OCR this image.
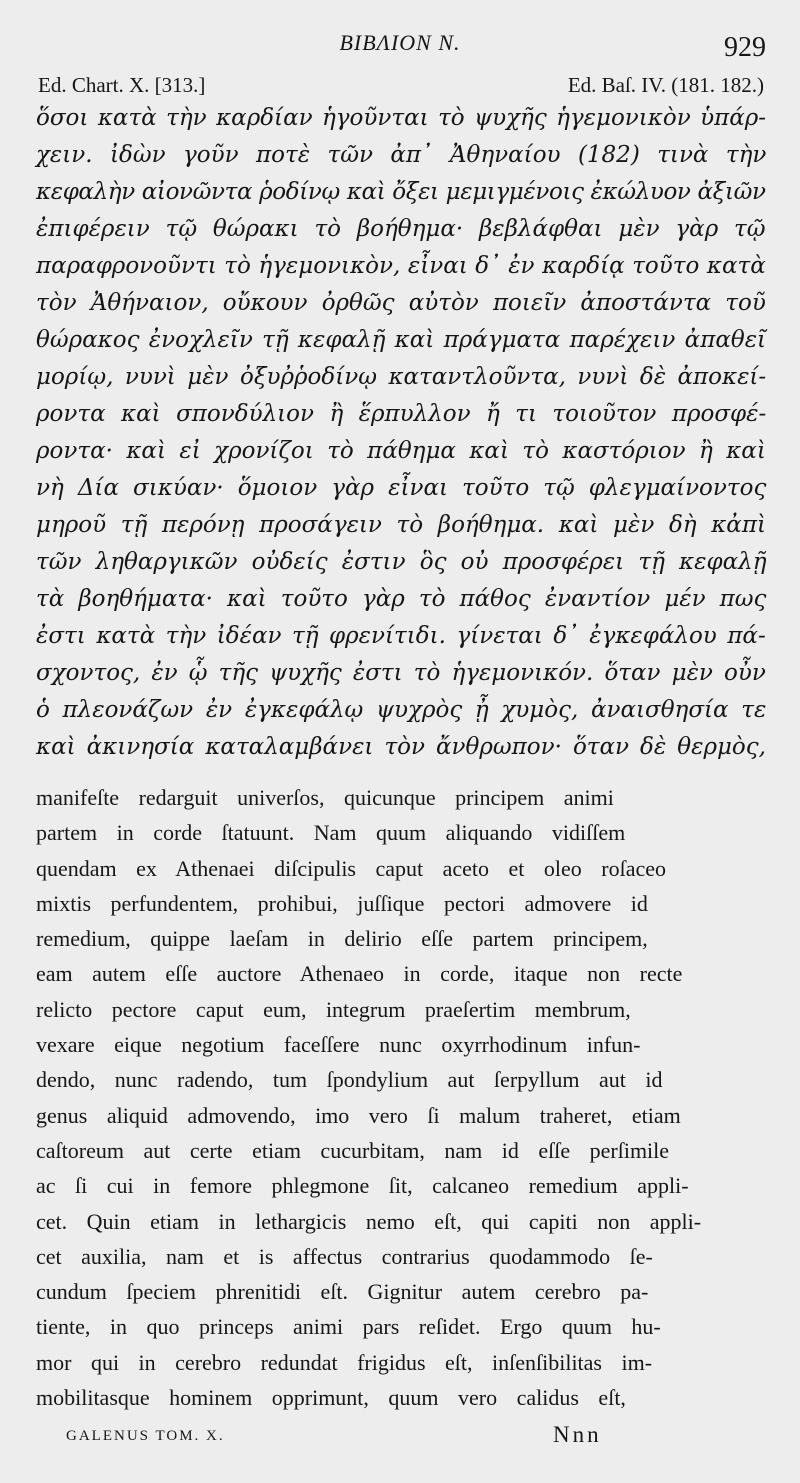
BIBΛΙΟΝ Ν.	929
Ed. Chart. X. [313.]	Ed. Baſ. IV. (181. 182.)
ὅσοι κατὰ τὴν καρδίαν ἡγοῦνται τὸ ψυχῆς ἡγεμονικὸν ὑπάρ-
χειν. ἰδὼν γοῦν ποτὲ τῶν ἀπ᾽ Ἀθηναίου (182) τινὰ τὴν
κεφαλὴν αἰονῶντα ῥοδίνῳ καὶ ὄξει μεμιγμένοις ἐκώλυον ἀξιῶν
ἐπιφέρειν τῷ θώρακι τὸ βοήθημα· βεβλάφθαι μὲν γὰρ τῷ
παραφρονοῦντι τὸ ἡγεμονικὸν, εἶναι δ᾽ ἐν καρδίᾳ τοῦτο κατὰ
τὸν Ἀθήναιον, οὔκουν ὀρθῶς αὐτὸν ποιεῖν ἀποστάντα τοῦ
θώρακος ἐνοχλεῖν τῇ κεφαλῇ καὶ πράγματα παρέχειν ἀπαθεῖ
μορίῳ, νυνὶ μὲν ὀξυῤῥοδίνῳ καταντλοῦντα, νυνὶ δὲ ἀποκεί-
ροντα καὶ σπονδύλιον ἢ ἕρπυλλον ἤ τι τοιοῦτον προσφέ-
ροντα· καὶ εἰ χρονίζοι τὸ πάθημα καὶ τὸ καστόριον ἢ καὶ
νὴ Δία σικύαν· ὅμοιον γὰρ εἶναι τοῦτο τῷ φλεγμαίνοντος
μηροῦ τῇ περόνῃ προσάγειν τὸ βοήθημα. καὶ μὲν δὴ κἀπὶ
τῶν ληθαργικῶν οὐδείς ἐστιν ὃς οὐ προσφέρει τῇ κεφαλῇ
τὰ βοηθήματα· καὶ τοῦτο γὰρ τὸ πάθος ἐναντίον μέν πως
ἐστι κατὰ τὴν ἰδέαν τῇ φρενίτιδι. γίνεται δ᾽ ἐγκεφάλου πά-
σχοντος, ἐν ᾧ τῆς ψυχῆς ἐστι τὸ ἡγεμονικόν. ὅταν μὲν οὖν
ὁ πλεονάζων ἐν ἐγκεφάλῳ ψυχρὸς ᾖ χυμὸς, ἀναισθησία τε
καὶ ἀκινησία καταλαμβάνει τὸν ἄνθρωπον· ὅταν δὲ θερμὸς,
manifeſte redarguit univerſos, quicunque principem animi
partem in corde ſtatuunt. Nam quum aliquando vidiſſem
quendam ex Athenaei diſcipulis caput aceto et oleo roſaceo
mixtis perfundentem, prohibui, juſſique pectori admovere id
remedium, quippe laeſam in delirio eſſe partem principem,
eam autem eſſe auctore Athenaeo in corde, itaque non recte
relicto pectore caput eum, integrum praeſertim membrum,
vexare eique negotium faceſſere nunc oxyrrhodinum infun-
dendo, nunc radendo, tum ſpondylium aut ſerpyllum aut id
genus aliquid admovendo, imo vero ſi malum traheret, etiam
caſtoreum aut certe etiam cucurbitam, nam id eſſe perſimile
ac ſi cui in femore phlegmone ſit, calcaneo remedium appli-
cet. Quin etiam in lethargicis nemo eſt, qui capiti non appli-
cet auxilia, nam et is affectus contrarius quodammodo ſe-
cundum ſpeciem phrenitidi eſt. Gignitur autem cerebro pa-
tiente, in quo princeps animi pars reſidet. Ergo quum hu-
mor qui in cerebro redundat frigidus eſt, inſenſibilitas im-
mobilitasque hominem opprimunt, quum vero calidus eſt,
GALENUS TOM. X.	Nnn
